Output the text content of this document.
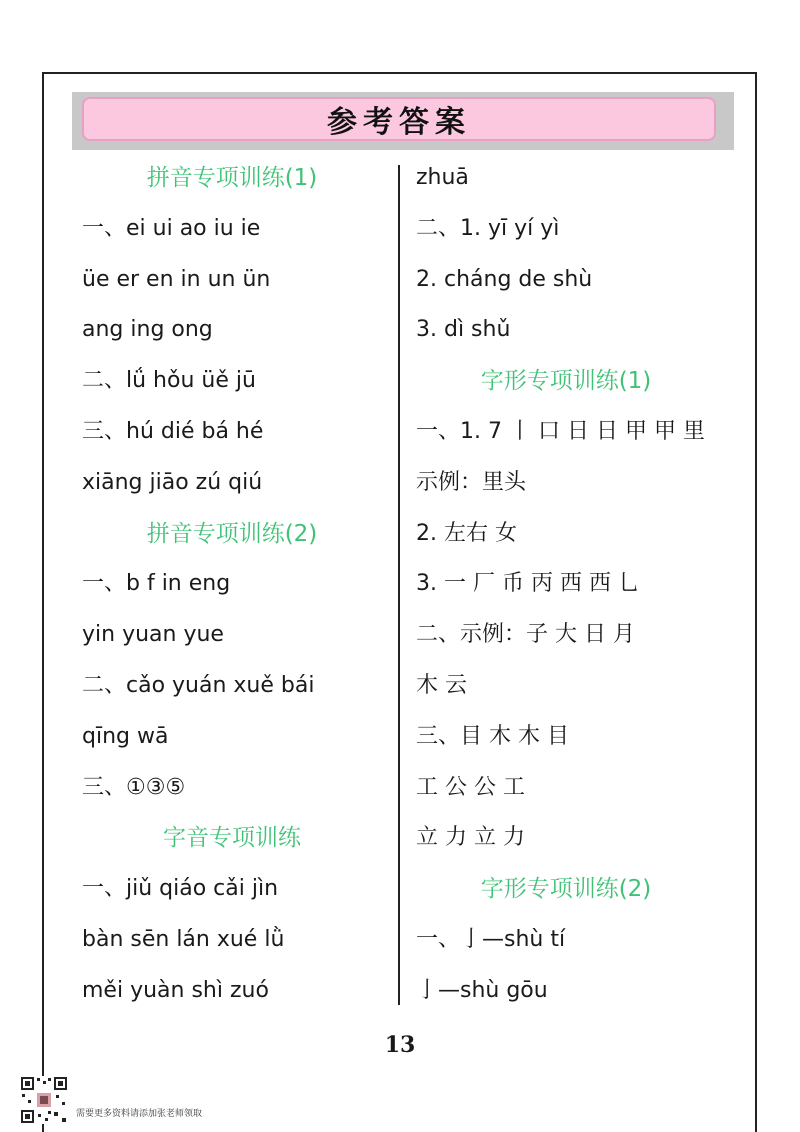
参考答案
拼音专项训练(1)
一、ei ui ao iu ie
üe er en in un ün
ang ing ong
二、lǘ hǒu üě jū
三、hú dié bá hé
xiāng jiāo zú qiú
拼音专项训练(2)
一、b f in eng
yin yuan yue
二、cǎo yuán xuě bái
qīng wā
三、①③⑤
字音专项训练
一、jiǔ qiáo cǎi jìn
bàn sēn lán xué lǜ
měi yuàn shì zuó
zhuā
二、1. yī yí yì
2. cháng de shù
3. dì shǔ
字形专项训练(1)
一、1. 7 丨 口 日 日 甲 甲 里
示例：里头
2. 左右 女
3. 一 厂 币 丙 西 西 乚
二、示例：子 大 日 月
木 云
三、目 木 木 目
工 公 公 工
立 力 立 力
字形专项训练(2)
一、亅—shù tí
亅—shù gōu
13
需要更多资料请添加张老师领取
